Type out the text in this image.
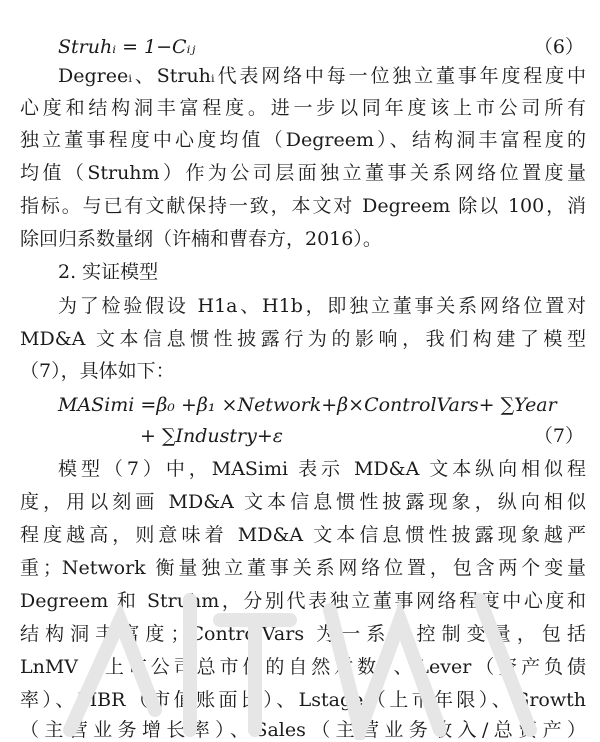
Struhᵢ = 1−Cᵢⱼ	（6）
Degreeᵢ、Struhᵢ代表网络中每一位独立董事年度程度中
心度和结构洞丰富程度。进一步以同年度该上市公司所有
独立董事程度中心度均值（Degreem）、结构洞丰富程度的
均值（Struhm）作为公司层面独立董事关系网络位置度量
指标。与已有文献保持一致，本文对 Degreem 除以 100，消
除回归系数量纲（许楠和曹春方，2016）。
2. 实证模型
为了检验假设 H1a、H1b，即独立董事关系网络位置对
MD&A 文本信息惯性披露行为的影响，我们构建了模型
（7），具体如下：
MASimi =β₀ +β₁ ×Network+β×ControlVars+ ∑Year
+ ∑Industry+ε	（7）
模型（7）中，MASimi 表示 MD&A 文本纵向相似程
度，用以刻画 MD&A 文本信息惯性披露现象，纵向相似
程度越高，则意味着 MD&A 文本信息惯性披露现象越严
重；Network 衡量独立董事关系网络位置，包含两个变量
Degreem 和 Struhm，分别代表独立董事网络程度中心度和
结构洞丰富度；ControlVars 为一系列控制变量，包括
LnMV（上市公司总市值的自然对数）、Lever（资产负债
率）、MBR（市值账面比）、Lstage（上市年限）、Growth
（主营业务增长率）、Sales（主营业务收入/总资产）
